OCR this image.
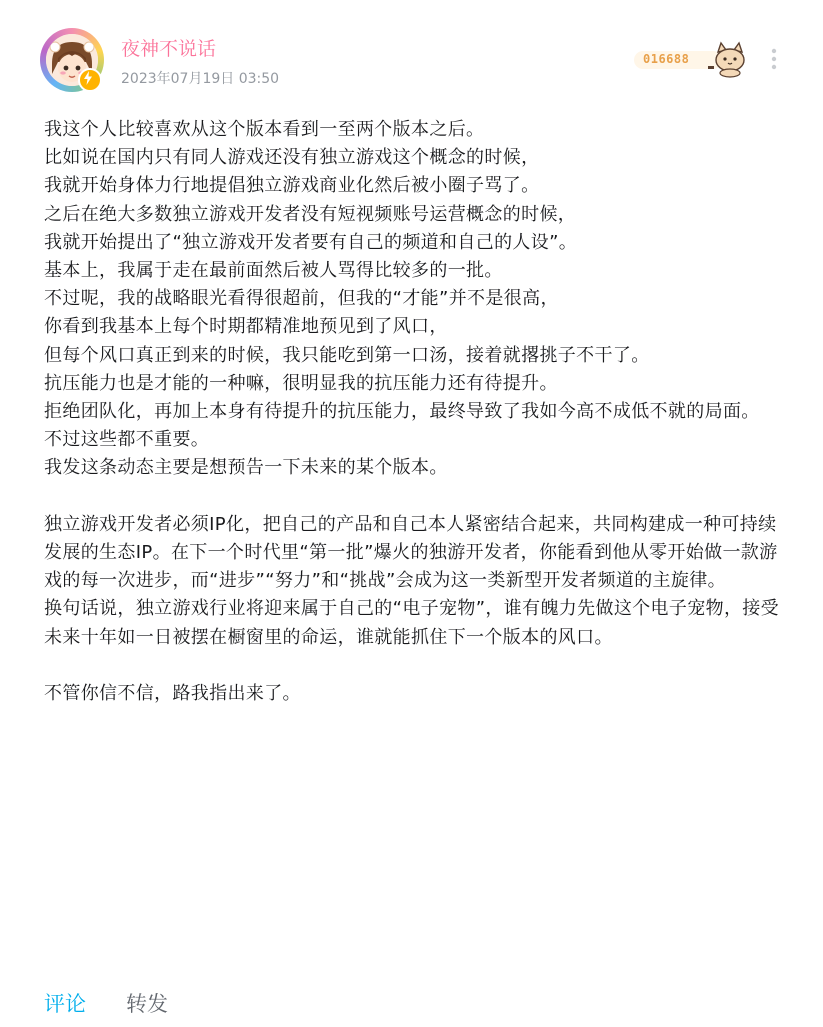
夜神不说话
2023年07月19日 03:50
016688

我这个人比较喜欢从这个版本看到一至两个版本之后。

比如说在国内只有同人游戏还没有独立游戏这个概念的时候，

我就开始身体力行地提倡独立游戏商业化然后被小圈子骂了。

之后在绝大多数独立游戏开发者没有短视频账号运营概念的时候，

我就开始提出了“独立游戏开发者要有自己的频道和自己的人设”。

基本上，我属于走在最前面然后被人骂得比较多的一批。

不过呢，我的战略眼光看得很超前，但我的“才能”并不是很高，

你看到我基本上每个时期都精准地预见到了风口，

但每个风口真正到来的时候，我只能吃到第一口汤，接着就撂挑子不干了。

抗压能力也是才能的一种嘛，很明显我的抗压能力还有待提升。

拒绝团队化，再加上本身有待提升的抗压能力，最终导致了我如今高不成低不就的局面。

不过这些都不重要。

我发这条动态主要是想预告一下未来的某个版本。

独立游戏开发者必须IP化，把自己的产品和自己本人紧密结合起来，共同构建成一种可持续发展的生态IP。在下一个时代里“第一批”爆火的独游开发者，你能看到他从零开始做一款游戏的每一次进步，而“进步”“努力”和“挑战”会成为这一类新型开发者频道的主旋律。

换句话说，独立游戏行业将迎来属于自己的“电子宠物”，谁有魄力先做这个电子宠物，接受未来十年如一日被摆在橱窗里的命运，谁就能抓住下一个版本的风口。

不管你信不信，路我指出来了。

评论 转发
